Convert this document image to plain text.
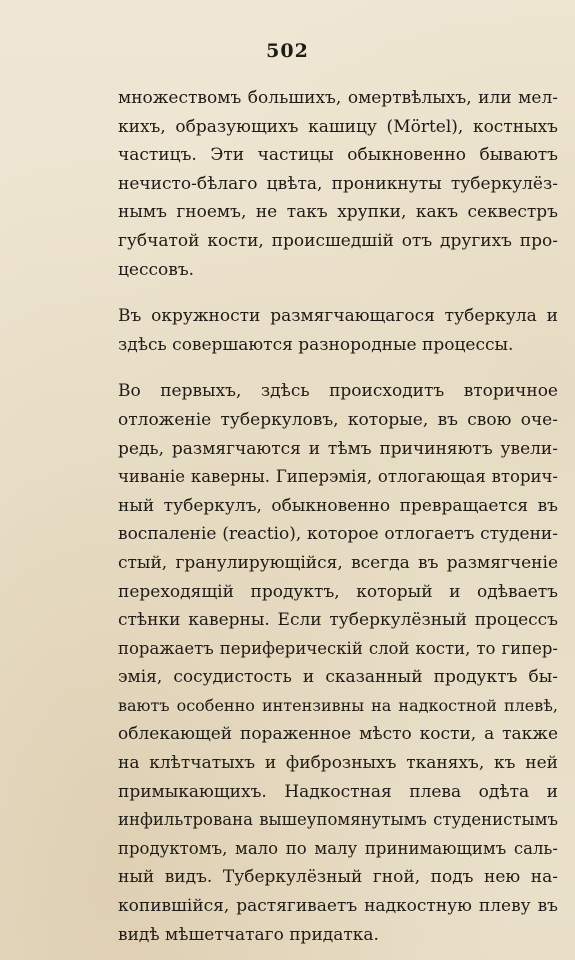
502
множествомъ большихъ, омертвѣлыхъ, или мел-
кихъ, образующихъ кашицу (Mörtel), костныхъ
частицъ. Эти частицы обыкновенно бываютъ
нечисто-бѣлаго цвѣта, проникнуты туберкулёз-
нымъ гноемъ, не такъ хрупки, какъ секвестръ
губчатой кости, происшедшій отъ другихъ про-
цессовъ.
Въ окружности размягчающагося туберкула и
здѣсь совершаются разнородные процессы.
Во первыхъ, здѣсь происходитъ вторичное
отложеніе туберкуловъ, которые, въ свою оче-
редь, размягчаются и тѣмъ причиняютъ увели-
чиваніе каверны. Гиперэмія, отлогающая вторич-
ный туберкулъ, обыкновенно превращается въ
воспаленіе (reactio), которое отлогаетъ студени-
стый, гранулирующійся, всегда въ размягченіе
переходящій продуктъ, который и одѣваетъ
стѣнки каверны. Если туберкулёзный процессъ
поражаетъ периферическій слой кости, то гипер-
эмія, сосудистость и сказанный продуктъ бы-
ваютъ особенно интензивны на надкостной плевѣ,
облекающей пораженное мѣсто кости, а также
на клѣтчатыхъ и фиброзныхъ тканяхъ, къ ней
примыкающихъ. Надкостная плева одѣта и
инфильтрована вышеупомянутымъ студенистымъ
продуктомъ, мало по малу принимающимъ саль-
ный видъ. Туберкулёзный гной, подъ нею на-
копившійся, растягиваетъ надкостную плеву въ
видѣ мѣшетчатаго придатка.
